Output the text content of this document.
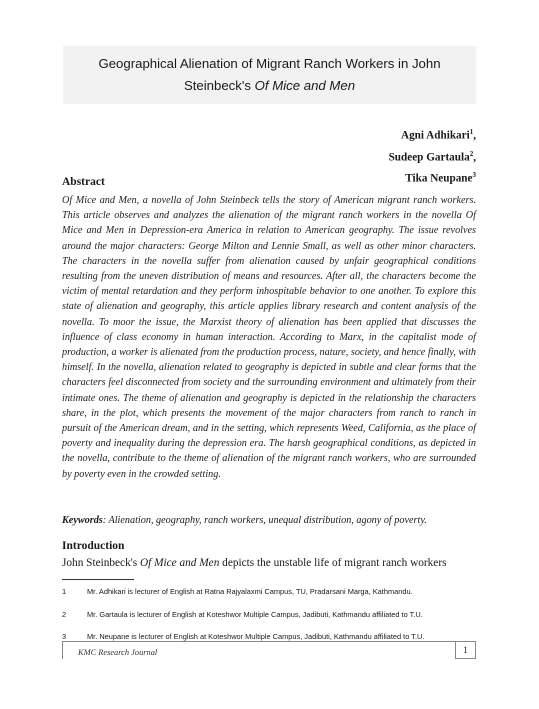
Geographical Alienation of Migrant Ranch Workers in John
Steinbeck's Of Mice and Men
Agni Adhikari$^1$,
Sudeep Gartaula$^2$,
Tika Neupane$^3$
Abstract

Of Mice and Men, a novella of John Steinbeck tells the story of American migrant ranch workers. This article observes and analyzes the alienation of the migrant ranch workers in the novella Of Mice and Men in Depression-era America in relation to American geography. The issue revolves around the major characters: George Milton and Lennie Small, as well as other minor characters. The characters in the novella suffer from alienation caused by unfair geographical conditions resulting from the uneven distribution of means and resources. After all, the characters become the victim of mental retardation and they perform inhospitable behavior to one another. To explore this state of alienation and geography, this article applies library research and content analysis of the novella. To moor the issue, the Marxist theory of alienation has been applied that discusses the influence of class economy in human interaction. According to Marx, in the capitalist mode of production, a worker is alienated from the production process, nature, society, and hence finally, with himself. In the novella, alienation related to geography is depicted in subtle and clear forms that the characters feel disconnected from society and the surrounding environment and ultimately from their intimate ones. The theme of alienation and geography is depicted in the relationship the characters share, in the plot, which presents the movement of the major characters from ranch to ranch in pursuit of the American dream, and in the setting, which represents Weed, California, as the place of poverty and inequality during the depression era. The harsh geographical conditions, as depicted in the novella, contribute to the theme of alienation of the migrant ranch workers, who are surrounded by poverty even in the crowded setting.

Keywords: Alienation, geography, ranch workers, unequal distribution, agony of poverty.
Introduction
John Steinbeck's Of Mice and Men depicts the unstable life of migrant ranch workers
1	Mr. Adhikari is lecturer of English at Ratna Rajyalaxmi Campus, TU, Pradarsani Marga, Kathmandu.
2	Mr. Gartaula is lecturer of English at Koteshwor Multiple Campus, Jadibuti, Kathmandu affiliated to T.U.
3	Mr. Neupane is lecturer of English at Koteshwor Multiple Campus, Jadibuti, Kathmandu affiliated to T.U.
KMC Research Journal	1
